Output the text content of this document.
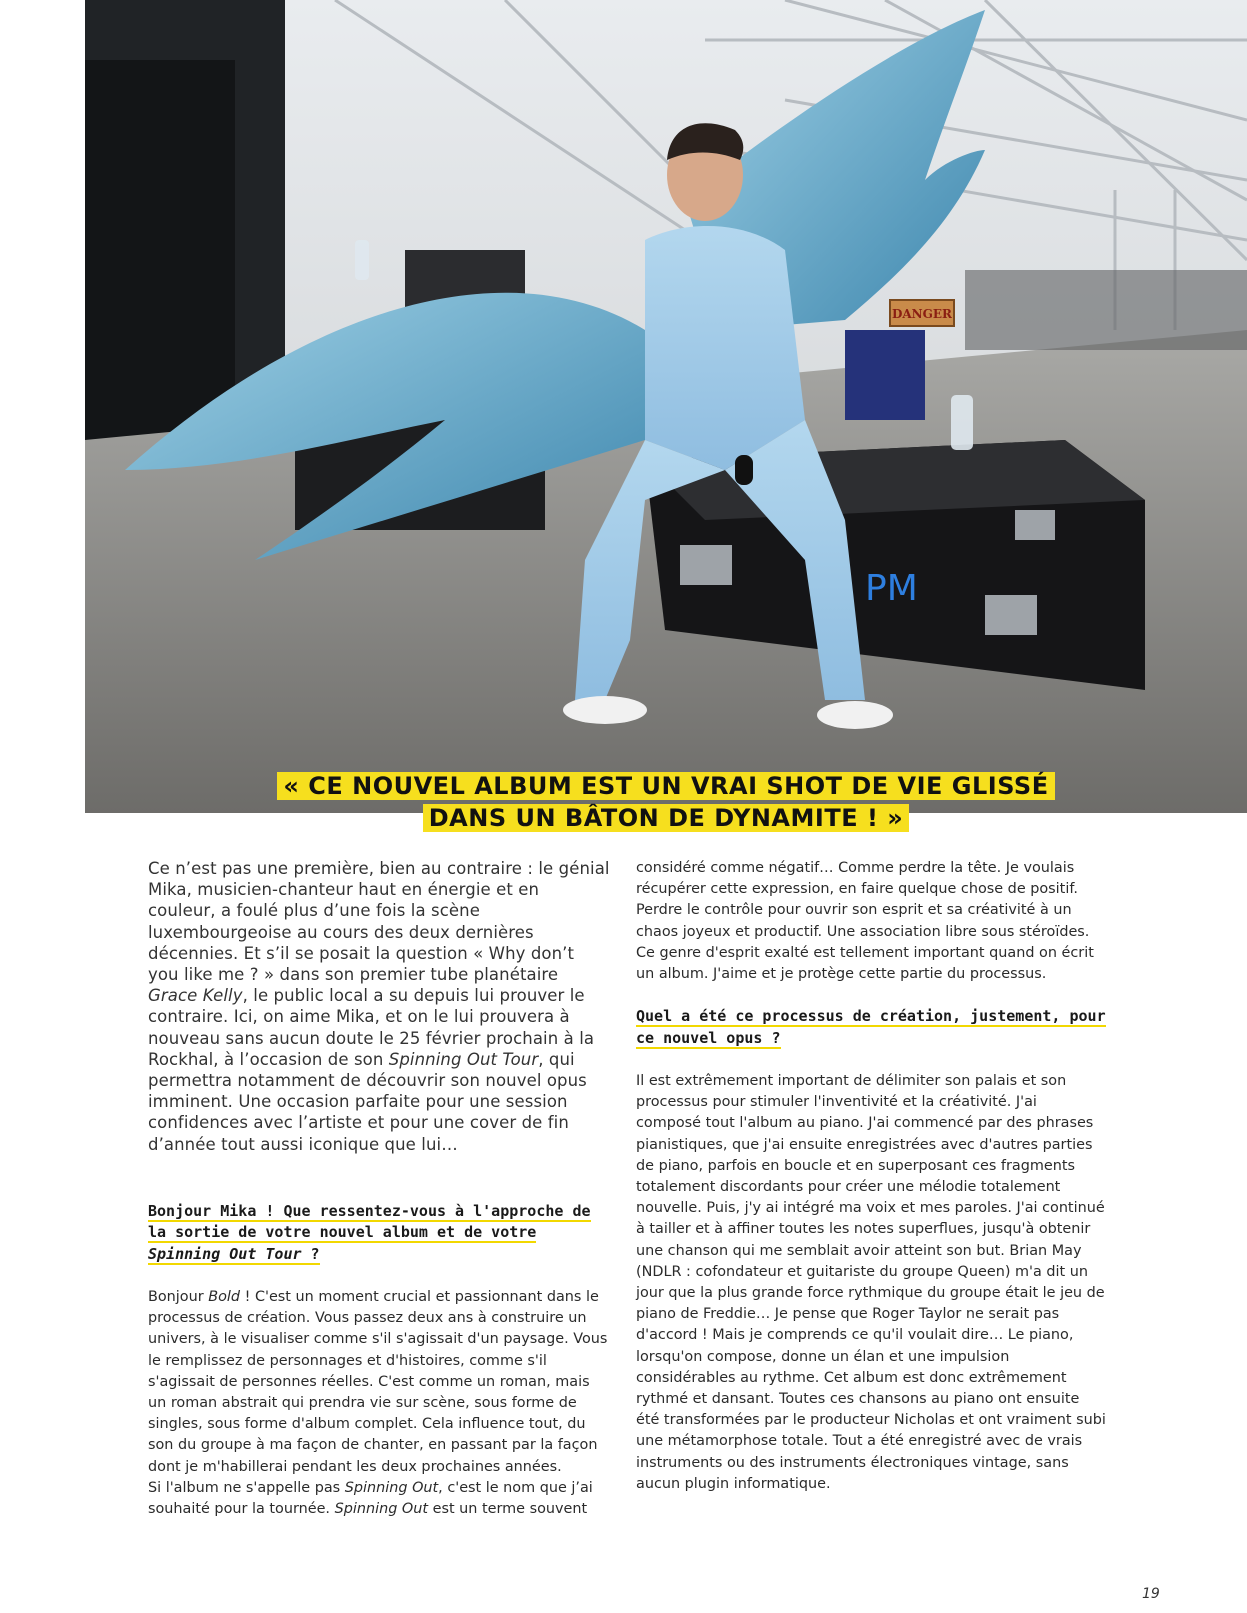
DANGER
PM
« CE NOUVEL ALBUM EST UN VRAI SHOT DE VIE GLISSÉ
DANS UN BÂTON DE DYNAMITE ! »

Ce n’est pas une première, bien au contraire : le génial Mika, musicien-chanteur haut en énergie et en couleur, a foulé plus d’une fois la scène luxembourgeoise au cours des deux dernières décennies. Et s’il se posait la question « Why don’t you like me ? » dans son premier tube planétaire Grace Kelly, le public local a su depuis lui prouver le contraire. Ici, on aime Mika, et on le lui prouvera à nouveau sans aucun doute le 25 février prochain à la Rockhal, à l’occasion de son Spinning Out Tour, qui permettra notamment de découvrir son nouvel opus imminent. Une occasion parfaite pour une session confidences avec l’artiste et pour une cover de fin d’année tout aussi iconique que lui…

Bonjour Mika ! Que ressentez-vous à l'approche de la sortie de votre nouvel album et de votre Spinning Out Tour ?

Bonjour Bold ! C'est un moment crucial et passionnant dans le processus de création. Vous passez deux ans à construire un univers, à le visualiser comme s'il s'agissait d'un paysage. Vous le remplissez de personnages et d'histoires, comme s'il s'agissait de personnes réelles. C'est comme un roman, mais un roman abstrait qui prendra vie sur scène, sous forme de singles, sous forme d'album complet. Cela influence tout, du son du groupe à ma façon de chanter, en passant par la façon dont je m'habillerai pendant les deux prochaines années.
Si l'album ne s'appelle pas Spinning Out, c'est le nom que j’ai souhaité pour la tournée. Spinning Out est un terme souvent

considéré comme négatif… Comme perdre la tête. Je voulais récupérer cette expression, en faire quelque chose de positif. Perdre le contrôle pour ouvrir son esprit et sa créativité à un chaos joyeux et productif. Une association libre sous stéroïdes. Ce genre d'esprit exalté est tellement important quand on écrit un album. J'aime et je protège cette partie du processus.

Quel a été ce processus de création, justement, pour ce nouvel opus ?

Il est extrêmement important de délimiter son palais et son processus pour stimuler l'inventivité et la créativité. J'ai composé tout l'album au piano. J'ai commencé par des phrases pianistiques, que j'ai ensuite enregistrées avec d'autres parties de piano, parfois en boucle et en superposant ces fragments totalement discordants pour créer une mélodie totalement nouvelle. Puis, j'y ai intégré ma voix et mes paroles. J'ai continué à tailler et à affiner toutes les notes superflues, jusqu'à obtenir une chanson qui me semblait avoir atteint son but. Brian May (NDLR : cofondateur et guitariste du groupe Queen) m'a dit un jour que la plus grande force rythmique du groupe était le jeu de piano de Freddie… Je pense que Roger Taylor ne serait pas d'accord ! Mais je comprends ce qu'il voulait dire… Le piano, lorsqu'on compose, donne un élan et une impulsion considérables au rythme. Cet album est donc extrêmement rythmé et dansant. Toutes ces chansons au piano ont ensuite été transformées par le producteur Nicholas et ont vraiment subi une métamorphose totale. Tout a été enregistré avec de vrais instruments ou des instruments électroniques vintage, sans aucun plugin informatique.

19
